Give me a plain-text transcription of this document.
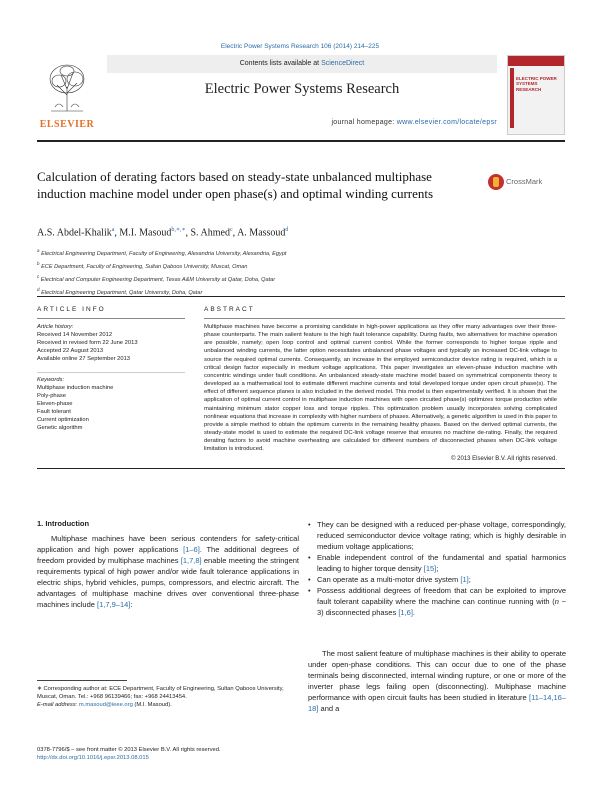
Electric Power Systems Research 106 (2014) 214–225
ELSEVIER
Contents lists available at ScienceDirect
Electric Power Systems Research
journal homepage: www.elsevier.com/locate/epsr
ELECTRIC POWER SYSTEMS RESEARCH
Calculation of derating factors based on steady-state unbalanced multiphase induction machine model under open phase(s) and optimal winding currents
CrossMark
A.S. Abdel-Khalik$^a$, M.I. Masoud$^{b,∗,∗}$, S. Ahmed$^c$, A. Massoud$^d$
$^a$ Electrical Engineering Department, Faculty of Engineering, Alexandria University, Alexandria, Egypt
$^b$ ECE Department, Faculty of Engineering, Sultan Qaboos University, Muscat, Oman
$^c$ Electrical and Computer Engineering Department, Texas A&M University at Qatar, Doha, Qatar
$^d$ Electrical Engineering Department, Qatar University, Doha, Qatar
ARTICLE INFO
Article history:
Received 14 November 2012
Received in revised form 22 June 2013
Accepted 22 August 2013
Available online 27 September 2013
Keywords:
Multiphase induction machine
Poly-phase
Eleven-phase
Fault tolerant
Current optimization
Genetic algorithm
ABSTRACT
Multiphase machines have become a promising candidate in high-power applications as they offer many advantages over their three-phase counterparts. The main salient feature is the high fault tolerance capability. During faults, two alternatives for machine operation are possible, namely; open loop control and optimal current control. While the former corresponds to higher torque ripple and unbalanced winding currents, the latter option necessitates unbalanced phase voltages and typically an increased DC-link voltage to source the required optimal currents. Consequently, an increase in the employed semiconductor device rating is required, which is a critical design factor especially in medium voltage applications. This paper investigates an eleven-phase induction machine with concentric windings under fault conditions. An unbalanced steady-state machine model based on symmetrical components theory is developed as a mathematical tool to estimate different machine currents and total developed torque under open circuit phase(s). The effect of different sequence planes is also included in the derived model. This model is then experimentally verified. It is shown that the application of optimal current control in multiphase induction machines with open circuited phase(s) optimizes torque production while maintaining minimum stator copper loss and torque ripples. This optimization problem usually incorporates solving complicated nonlinear equations that increase in complexity with higher numbers of phases. Alternatively, a genetic algorithm is used in this paper to provide a simple method to obtain the optimum currents in the remaining healthy phases. Based on the derived optimal currents, the steady-state model is used to estimate the required DC-link voltage reserve that ensures no machine de-rating. Finally, the required derating factors to avoid machine overheating are calculated for different numbers of disconnected phases when DC-link voltage limitation is introduced.
© 2013 Elsevier B.V. All rights reserved.
1. Introduction
Multiphase machines have been serious contenders for safety-critical application and high power applications [1–6]. The additional degrees of freedom provided by multiphase machines [1,7,8] enable meeting the stringent requirements typical of high power and/or wide fault tolerance applications in electric ships, hybrid vehicles, pumps, compressors, and electric aircraft. The advantages of multiphase machine drives over conventional three-phase machines include [1,7,9–14]:
• They can be designed with a reduced per-phase voltage, correspondingly, reduced semiconductor device voltage rating; which is highly desirable in medium voltage applications;
• Enable independent control of the fundamental and spatial harmonics leading to higher torque density [15];
• Can operate as a multi-motor drive system [1];
• Possess additional degrees of freedom that can be exploited to improve fault tolerant capability where the machine can continue running with (n − 3) disconnected phases [1,6].
The most salient feature of multiphase machines is their ability to operate under open-phase conditions. This can occur due to one of the phase terminals being disconnected, internal winding rupture, or one or more of the inverter phase legs failing open (disconnecting). Multiphase machine performance with open circuit faults has been studied in literature [11–14,16–18] and a
∗ Corresponding author at: ECE Department, Faculty of Engineering, Sultan Qaboos University, Muscat, Oman. Tel.: +968 96139466; fax: +968 24413454.
E-mail address: m.masoud@ieee.org (M.I. Masoud).
0378-7796/$ – see front matter © 2013 Elsevier B.V. All rights reserved.
http://dx.doi.org/10.1016/j.epsr.2013.08.015
